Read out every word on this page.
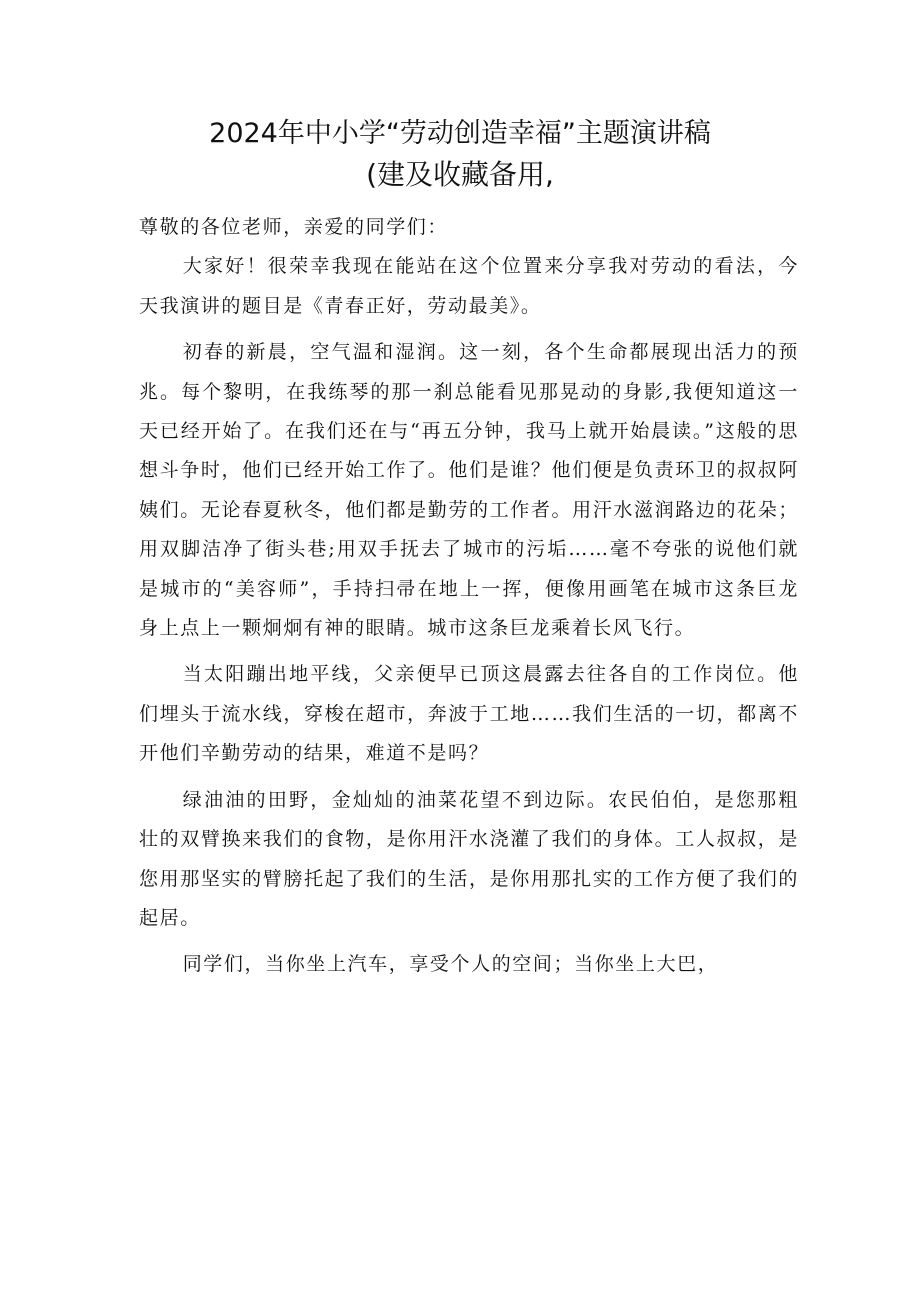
2024年中小学“劳动创造幸福”主题演讲稿
(建及收藏备用,

尊敬的各位老师，亲爱的同学们：

大家好！很荣幸我现在能站在这个位置来分享我对劳动的看法，今天我演讲的题目是《青春正好，劳动最美》。

初春的新晨，空气温和湿润。这一刻，各个生命都展现出活力的预兆。每个黎明，在我练琴的那一刹总能看见那晃动的身影,我便知道这一天已经开始了。在我们还在与“再五分钟，我马上就开始晨读。”这般的思想斗争时，他们已经开始工作了。他们是谁？他们便是负责环卫的叔叔阿姨们。无论春夏秋冬，他们都是勤劳的工作者。用汗水滋润路边的花朵；用双脚洁净了街头巷;用双手抚去了城市的污垢……毫不夸张的说他们就是城市的“美容师”，手持扫帚在地上一挥，便像用画笔在城市这条巨龙身上点上一颗炯炯有神的眼睛。城市这条巨龙乘着长风飞行。

当太阳蹦出地平线，父亲便早已顶这晨露去往各自的工作岗位。他们埋头于流水线，穿梭在超市，奔波于工地……我们生活的一切，都离不开他们辛勤劳动的结果，难道不是吗？

绿油油的田野，金灿灿的油菜花望不到边际。农民伯伯，是您那粗壮的双臂换来我们的食物，是你用汗水浇灌了我们的身体。工人叔叔，是您用那坚实的臂膀托起了我们的生活，是你用那扎实的工作方便了我们的起居。

同学们，当你坐上汽车，享受个人的空间；当你坐上大巴，
